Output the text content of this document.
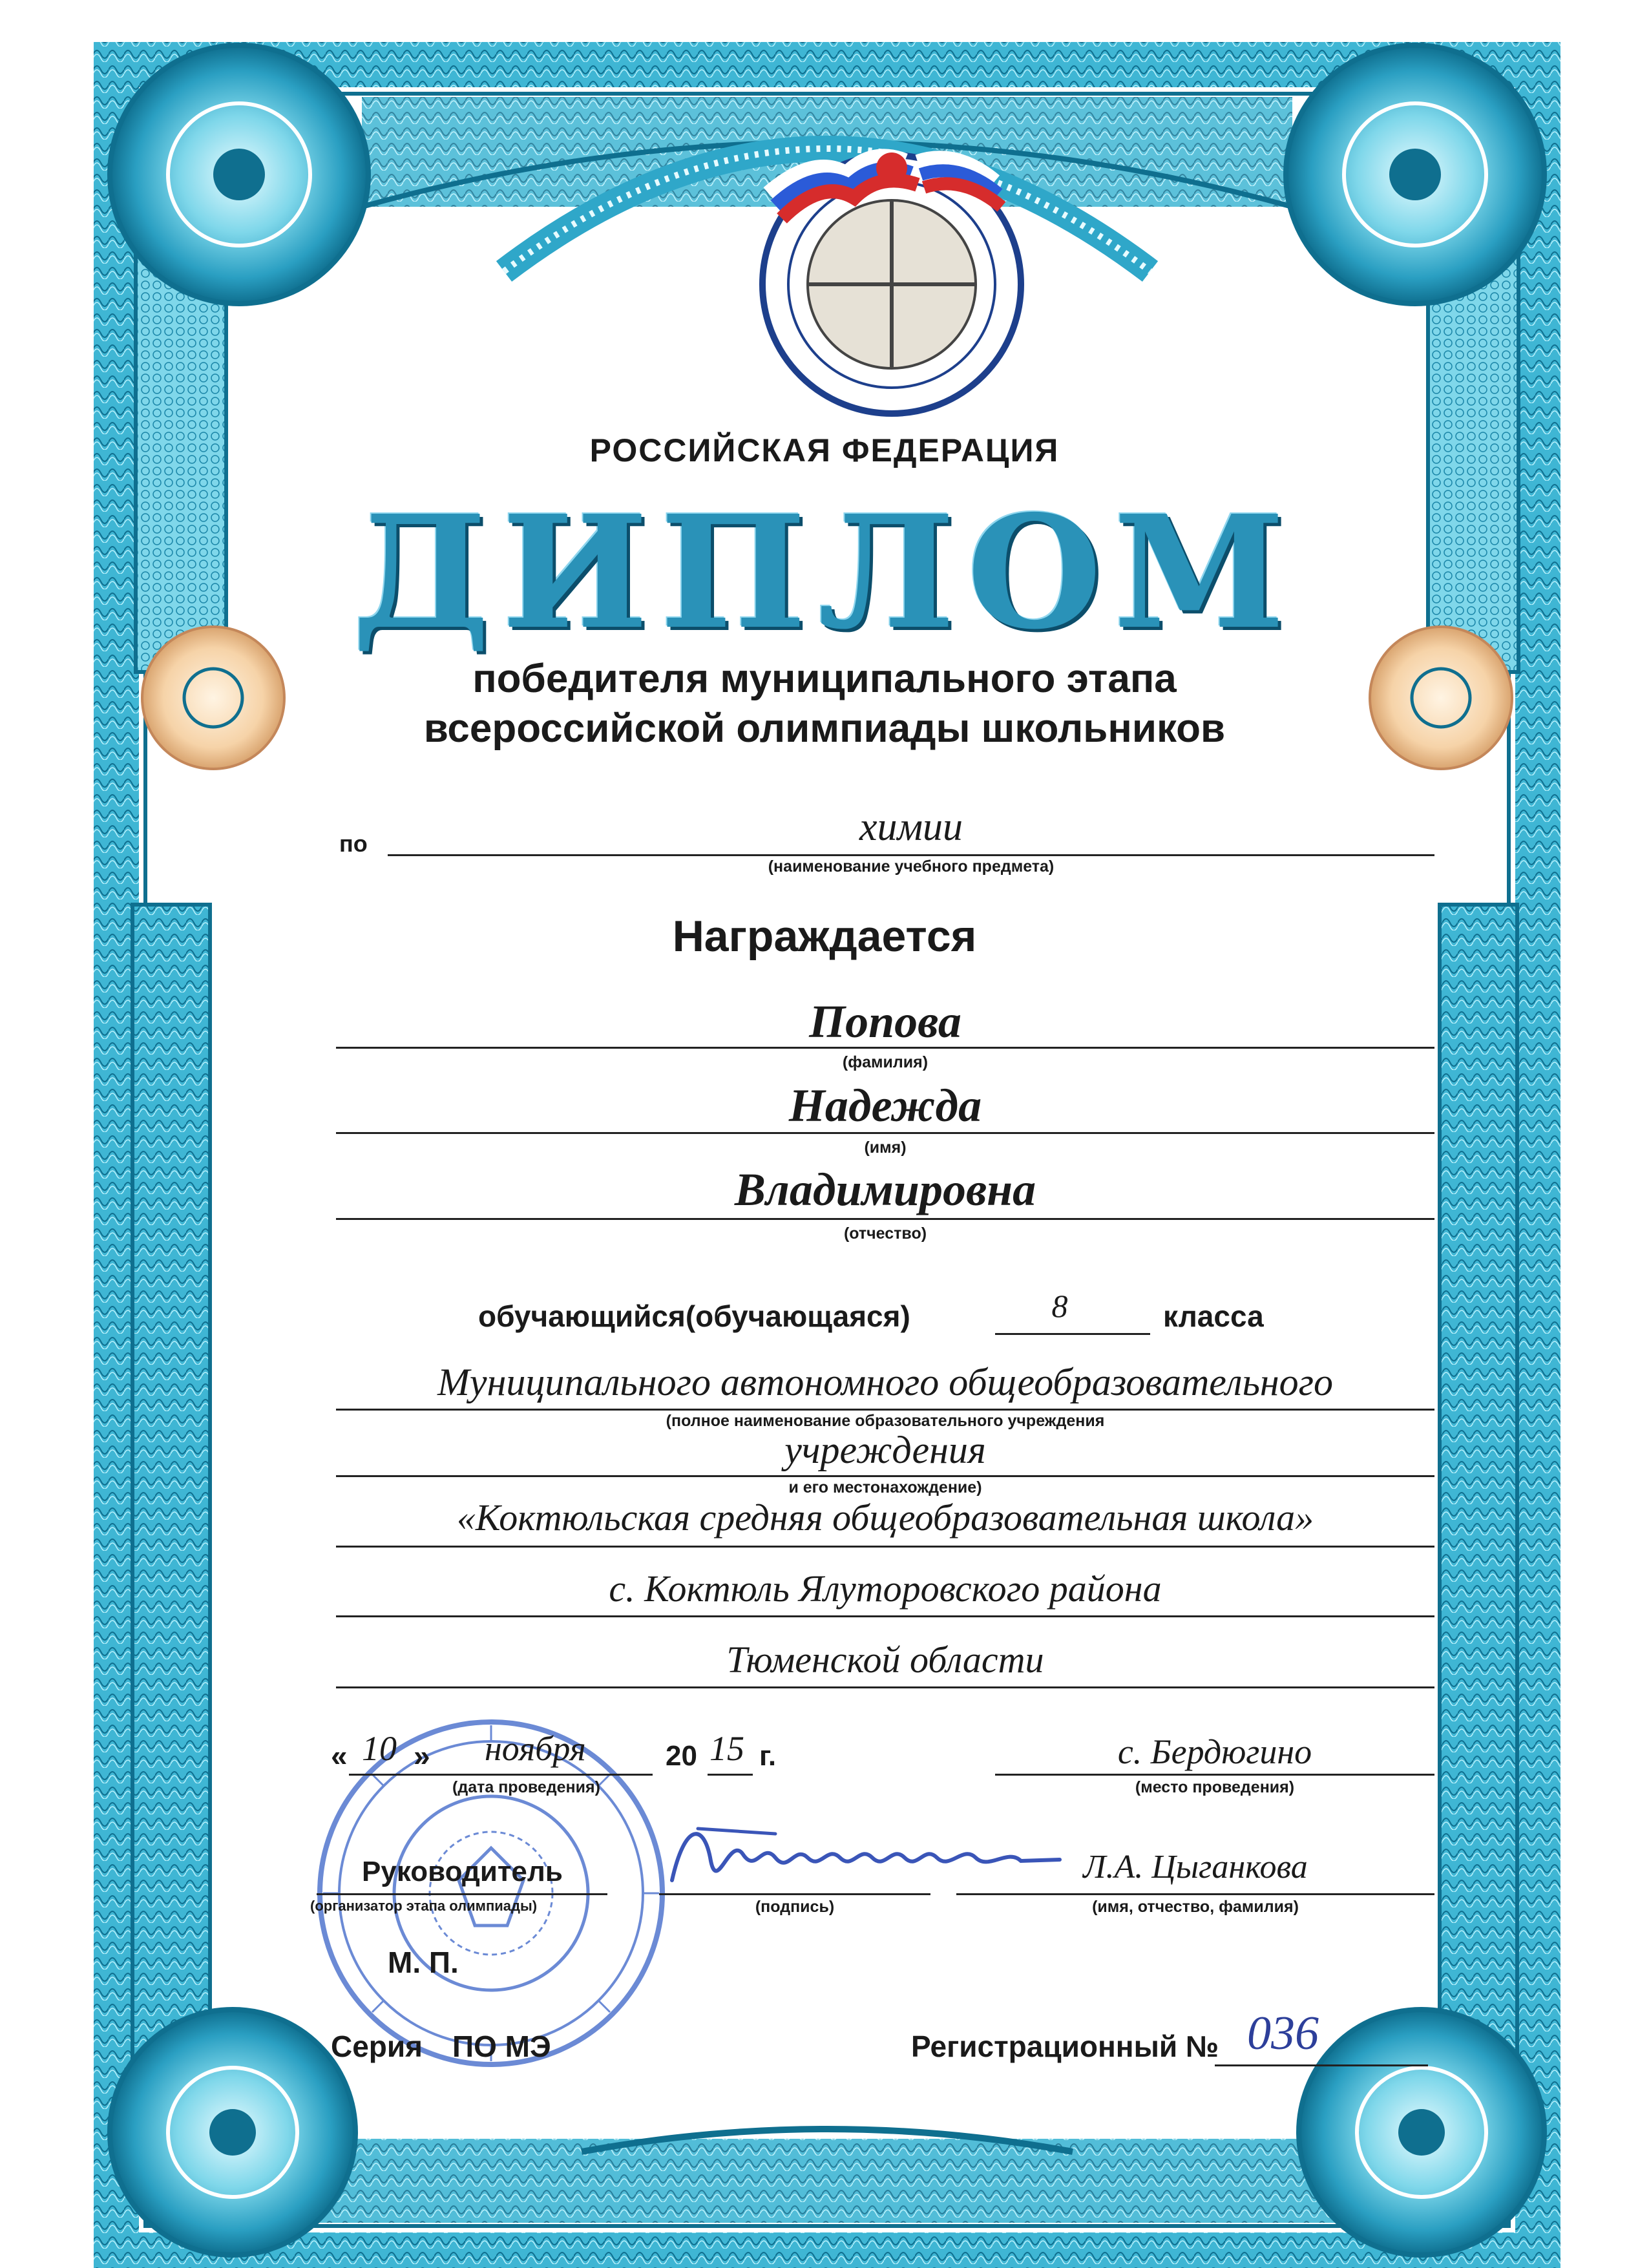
РОССИЙСКАЯ ФЕДЕРАЦИЯ
ДИПЛОМ
победителя муниципального этапа
всероссийской олимпиады школьников
по	химии
(наименование учебного предмета)
Награждается
Попова
(фамилия)
Надежда
(имя)
Владимировна
(отчество)
обучающийся(обучающаяся)	8	класса
Муниципального автономного общеобразовательного
(полное наименование образовательного учреждения
учреждения
и его местонахождение)
«Коктюльская средняя общеобразовательная школа»
с. Коктюль Ялуторовского района
Тюменской области
« 10 » ноября	20 15 г.
(дата проведения)
с. Бердюгино
(место проведения)
Руководитель
(организатор этапа олимпиады)	(подпись)
Л.А. Цыганкова
(имя, отчество, фамилия)
М. П.
Серия ПО МЭ	Регистрационный № 036
